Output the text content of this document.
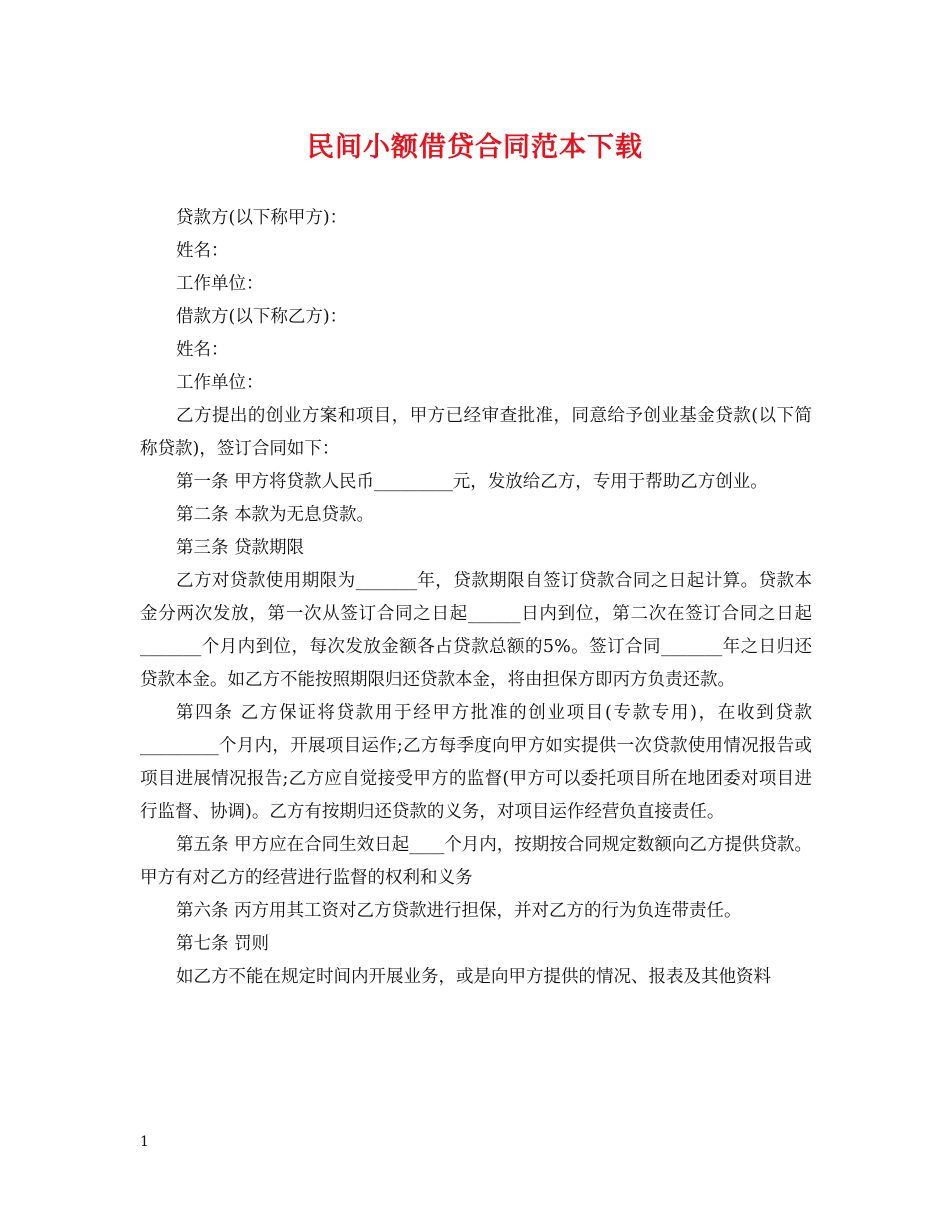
民间小额借贷合同范本下载

贷款方(以下称甲方)：

姓名：

工作单位：

借款方(以下称乙方)：

姓名：

工作单位：

乙方提出的创业方案和项目，甲方已经审查批准，同意给予创业基金贷款(以下简称贷款)，签订合同如下：

第一条 甲方将贷款人民币_________元，发放给乙方，专用于帮助乙方创业。

第二条 本款为无息贷款。

第三条 贷款期限

乙方对贷款使用期限为_______年，贷款期限自签订贷款合同之日起计算。贷款本金分两次发放，第一次从签订合同之日起______日内到位，第二次在签订合同之日起_______个月内到位，每次发放金额各占贷款总额的5%。签订合同_______年之日归还贷款本金。如乙方不能按照期限归还贷款本金，将由担保方即丙方负责还款。

第四条 乙方保证将贷款用于经甲方批准的创业项目(专款专用)，在收到贷款_________个月内，开展项目运作;乙方每季度向甲方如实提供一次贷款使用情况报告或项目进展情况报告;乙方应自觉接受甲方的监督(甲方可以委托项目所在地团委对项目进行监督、协调)。乙方有按期归还贷款的义务，对项目运作经营负直接责任。

第五条 甲方应在合同生效日起____个月内，按期按合同规定数额向乙方提供贷款。甲方有对乙方的经营进行监督的权利和义务

第六条 丙方用其工资对乙方贷款进行担保，并对乙方的行为负连带责任。

第七条 罚则

如乙方不能在规定时间内开展业务，或是向甲方提供的情况、报表及其他资料

1
